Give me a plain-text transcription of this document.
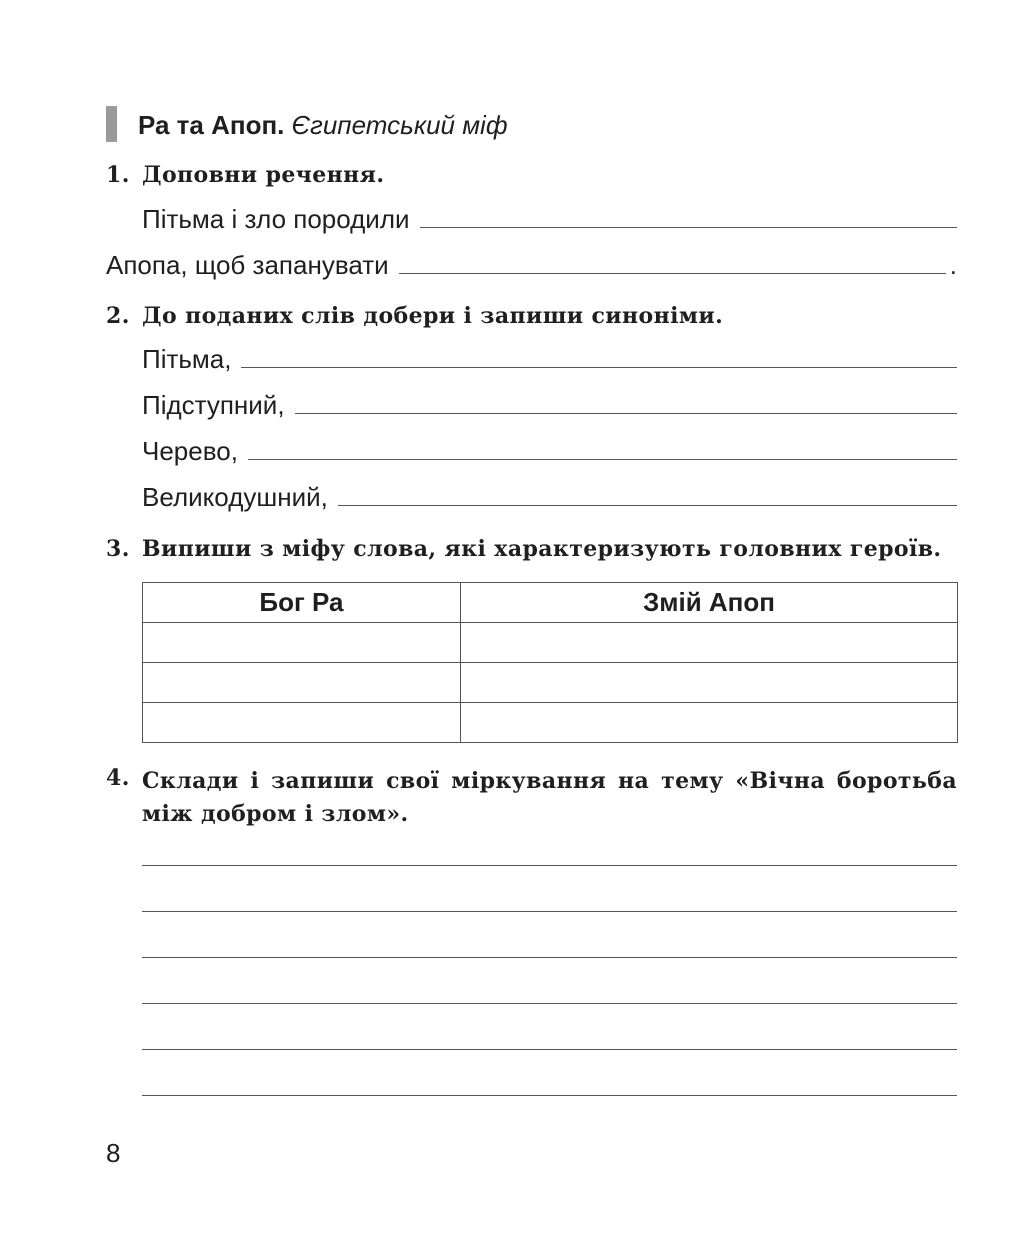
Ра та Апоп. Єгипетський міф
1. Доповни речення.
Пітьма і зло породили
Апопа, щоб запанувати	.
2. До поданих слів добери і запиши синоніми.
Пітьма,
Підступний,
Черево,
Великодушний,
3. Випиши з міфу слова, які характеризують головних героїв.
Бог Ра	Змій Апоп

4. Склади і запиши свої міркування на тему «Вічна боротьба між добром і злом».
8
